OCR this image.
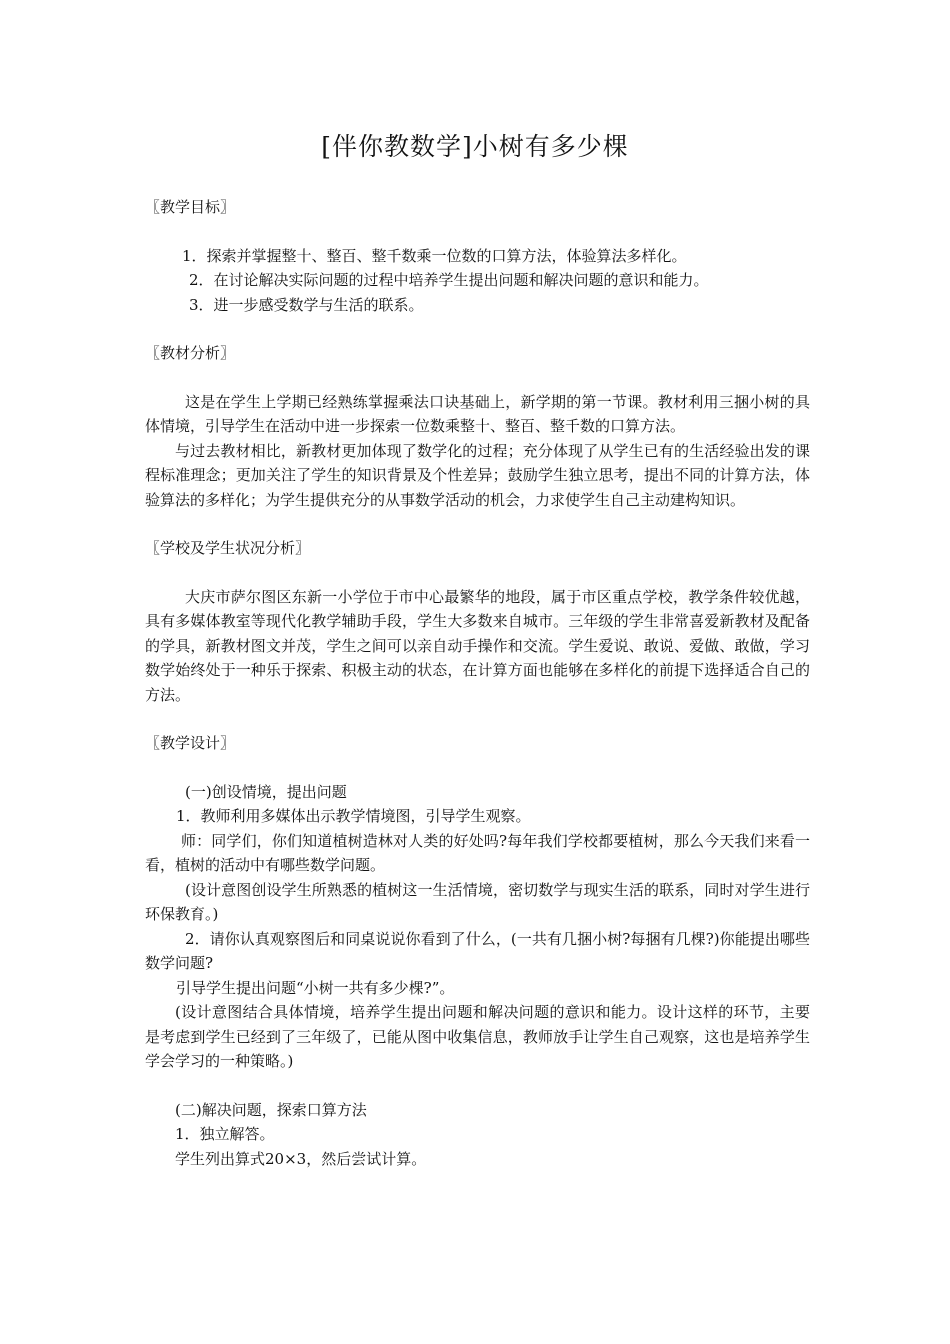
[伴你教数学]小树有多少棵

〖教学目标〗

1．探索并掌握整十、整百、整千数乘一位数的口算方法，体验算法多样化。

2．在讨论解决实际问题的过程中培养学生提出问题和解决问题的意识和能力。

3．进一步感受数学与生活的联系。

〖教材分析〗

这是在学生上学期已经熟练掌握乘法口诀基础上，新学期的第一节课。教材利用三捆小树的具体情境，引导学生在活动中进一步探索一位数乘整十、整百、整千数的口算方法。

与过去教材相比，新教材更加体现了数学化的过程；充分体现了从学生已有的生活经验出发的课程标准理念；更加关注了学生的知识背景及个性差异；鼓励学生独立思考，提出不同的计算方法，体验算法的多样化；为学生提供充分的从事数学活动的机会，力求使学生自己主动建构知识。

〖学校及学生状况分析〗

大庆市萨尔图区东新一小学位于市中心最繁华的地段，属于市区重点学校，教学条件较优越，具有多媒体教室等现代化教学辅助手段，学生大多数来自城市。三年级的学生非常喜爱新教材及配备的学具，新教材图文并茂，学生之间可以亲自动手操作和交流。学生爱说、敢说、爱做、敢做，学习数学始终处于一种乐于探索、积极主动的状态，在计算方面也能够在多样化的前提下选择适合自己的方法。

〖教学设计〗

(一)创设情境，提出问题

1．教师利用多媒体出示教学情境图，引导学生观察。

师：同学们，你们知道植树造林对人类的好处吗?每年我们学校都要植树，那么今天我们来看一看，植树的活动中有哪些数学问题。

(设计意图创设学生所熟悉的植树这一生活情境，密切数学与现实生活的联系，同时对学生进行环保教育。)

2．请你认真观察图后和同桌说说你看到了什么，(一共有几捆小树?每捆有几棵?)你能提出哪些数学问题?

引导学生提出问题“小树一共有多少棵?”。

(设计意图结合具体情境，培养学生提出问题和解决问题的意识和能力。设计这样的环节，主要是考虑到学生已经到了三年级了，已能从图中收集信息，教师放手让学生自己观察，这也是培养学生学会学习的一种策略。)

(二)解决问题，探索口算方法

1．独立解答。

学生列出算式20×3，然后尝试计算。
